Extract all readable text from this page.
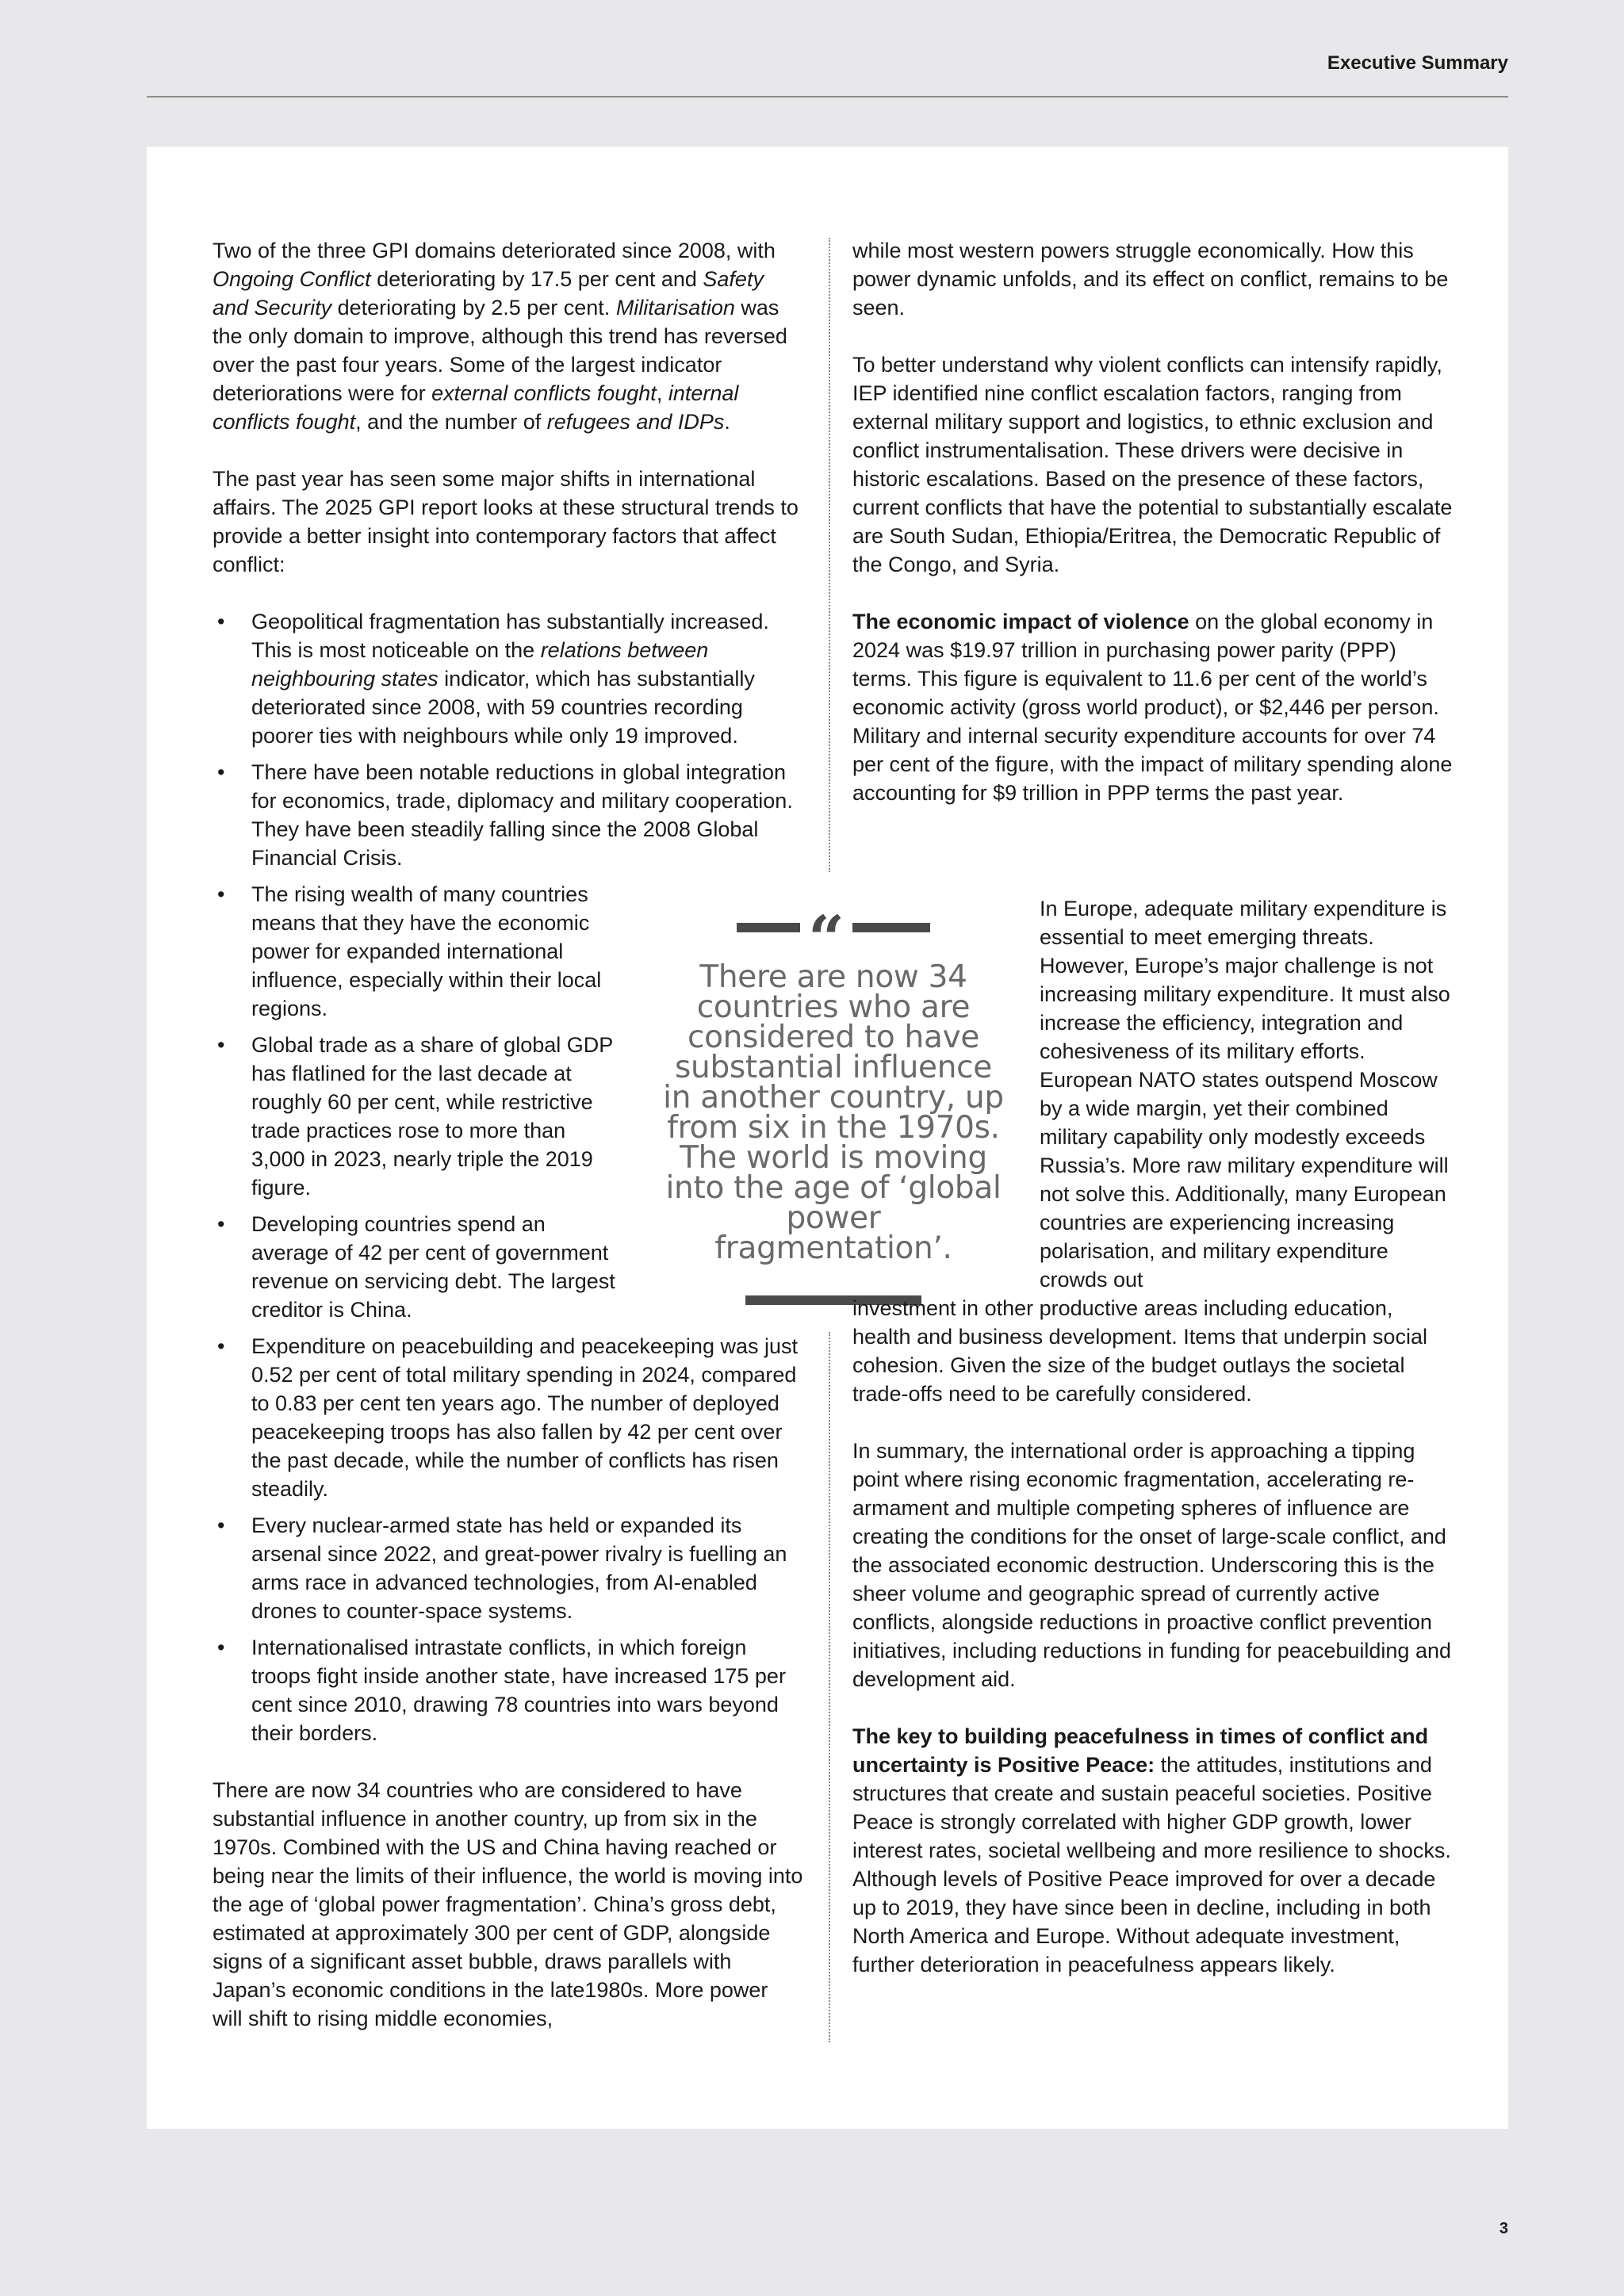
Executive Summary

Two of the three GPI domains deteriorated since 2008, with Ongoing Conflict deteriorating by 17.5 per cent and Safety and Security deteriorating by 2.5 per cent. Militarisation was the only domain to improve, although this trend has reversed over the past four years. Some of the largest indicator deteriorations were for external conflicts fought, internal conflicts fought, and the number of refugees and IDPs.

The past year has seen some major shifts in international affairs. The 2025 GPI report looks at these structural trends to provide a better insight into contemporary factors that affect conflict:

• Geopolitical fragmentation has substantially increased. This is most noticeable on the relations between neighbouring states indicator, which has substantially deteriorated since 2008, with 59 countries recording poorer ties with neighbours while only 19 improved.
• There have been notable reductions in global integration for economics, trade, diplomacy and military cooperation. They have been steadily falling since the 2008 Global Financial Crisis.
• The rising wealth of many countries means that they have the economic power for expanded international influence, especially within their local regions.
• Global trade as a share of global GDP has flatlined for the last decade at roughly 60 per cent, while restrictive trade practices rose to more than 3,000 in 2023, nearly triple the 2019 figure.
• Developing countries spend an average of 42 per cent of government revenue on servicing debt. The largest creditor is China.
• Expenditure on peacebuilding and peacekeeping was just 0.52 per cent of total military spending in 2024, compared to 0.83 per cent ten years ago. The number of deployed peacekeeping troops has also fallen by 42 per cent over the past decade, while the number of conflicts has risen steadily.
• Every nuclear-armed state has held or expanded its arsenal since 2022, and great-power rivalry is fuelling an arms race in advanced technologies, from AI-enabled drones to counter-space systems.
• Internationalised intrastate conflicts, in which foreign troops fight inside another state, have increased 175 per cent since 2010, drawing 78 countries into wars beyond their borders.

There are now 34 countries who are considered to have substantial influence in another country, up from six in the 1970s. Combined with the US and China having reached or being near the limits of their influence, the world is moving into the age of ‘global power fragmentation’. China’s gross debt, estimated at approximately 300 per cent of GDP, alongside signs of a significant asset bubble, draws parallels with Japan’s economic conditions in the late1980s. More power will shift to rising middle economies,

“
There are now 34 countries who are considered to have substantial influence in another country, up from six in the 1970s. The world is moving into the age of ‘global power fragmentation’.

while most western powers struggle economically. How this power dynamic unfolds, and its effect on conflict, remains to be seen.

To better understand why violent conflicts can intensify rapidly, IEP identified nine conflict escalation factors, ranging from external military support and logistics, to ethnic exclusion and conflict instrumentalisation. These drivers were decisive in historic escalations. Based on the presence of these factors, current conflicts that have the potential to substantially escalate are South Sudan, Ethiopia/Eritrea, the Democratic Republic of the Congo, and Syria.

The economic impact of violence on the global economy in 2024 was $19.97 trillion in purchasing power parity (PPP) terms. This figure is equivalent to 11.6 per cent of the world’s economic activity (gross world product), or $2,446 per person. Military and internal security expenditure accounts for over 74 per cent of the figure, with the impact of military spending alone accounting for $9 trillion in PPP terms the past year.

In Europe, adequate military expenditure is essential to meet emerging threats. However, Europe’s major challenge is not increasing military expenditure. It must also increase the efficiency, integration and cohesiveness of its military efforts. European NATO states outspend Moscow by a wide margin, yet their combined military capability only modestly exceeds Russia’s. More raw military expenditure will not solve this. Additionally, many European countries are experiencing increasing polarisation, and military expenditure crowds out

investment in other productive areas including education, health and business development. Items that underpin social cohesion. Given the size of the budget outlays the societal trade-offs need to be carefully considered.

In summary, the international order is approaching a tipping point where rising economic fragmentation, accelerating re-armament and multiple competing spheres of influence are creating the conditions for the onset of large-scale conflict, and the associated economic destruction. Underscoring this is the sheer volume and geographic spread of currently active conflicts, alongside reductions in proactive conflict prevention initiatives, including reductions in funding for peacebuilding and development aid.

The key to building peacefulness in times of conflict and uncertainty is Positive Peace: the attitudes, institutions and structures that create and sustain peaceful societies. Positive Peace is strongly correlated with higher GDP growth, lower interest rates, societal wellbeing and more resilience to shocks. Although levels of Positive Peace improved for over a decade up to 2019, they have since been in decline, including in both North America and Europe. Without adequate investment, further deterioration in peacefulness appears likely.

3
